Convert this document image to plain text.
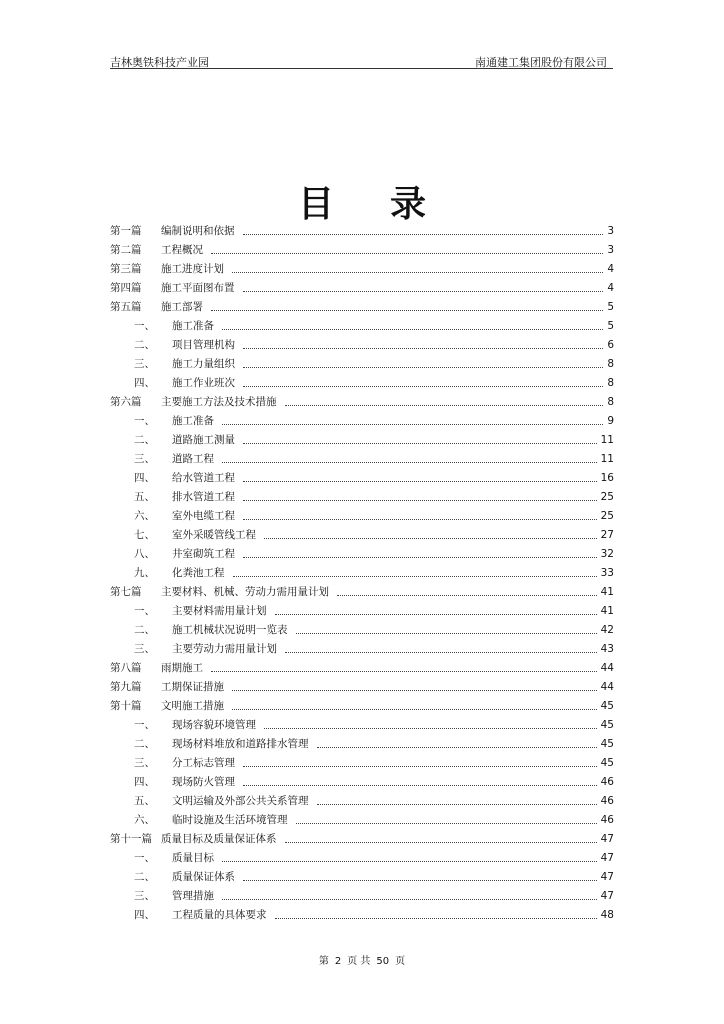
吉林奥铁科技产业园	南通建工集团股份有限公司
目录
第一篇 编制说明和依据	3
第二篇 工程概况	3
第三篇 施工进度计划	4
第四篇 施工平面图布置	4
第五篇 施工部署	5
一、 施工准备	5
二、 项目管理机构	6
三、 施工力量组织	8
四、 施工作业班次	8
第六篇 主要施工方法及技术措施	8
一、 施工准备	9
二、 道路施工测量	11
三、 道路工程	11
四、 给水管道工程	16
五、 排水管道工程	25
六、 室外电缆工程	25
七、 室外采暖管线工程	27
八、 井室砌筑工程	32
九、 化粪池工程	33
第七篇 主要材料、机械、劳动力需用量计划	41
一、 主要材料需用量计划	41
二、 施工机械状况说明一览表	42
三、 主要劳动力需用量计划	43
第八篇 雨期施工	44
第九篇 工期保证措施	44
第十篇 文明施工措施	45
一、 现场容貌环境管理	45
二、 现场材料堆放和道路排水管理	45
三、 分工标志管理	45
四、 现场防火管理	46
五、 文明运输及外部公共关系管理	46
六、 临时设施及生活环境管理	46
第十一篇 质量目标及质量保证体系	47
一、 质量目标	47
二、 质量保证体系	47
三、 管理措施	47
四、 工程质量的具体要求	48
第 2 页 共 50 页
